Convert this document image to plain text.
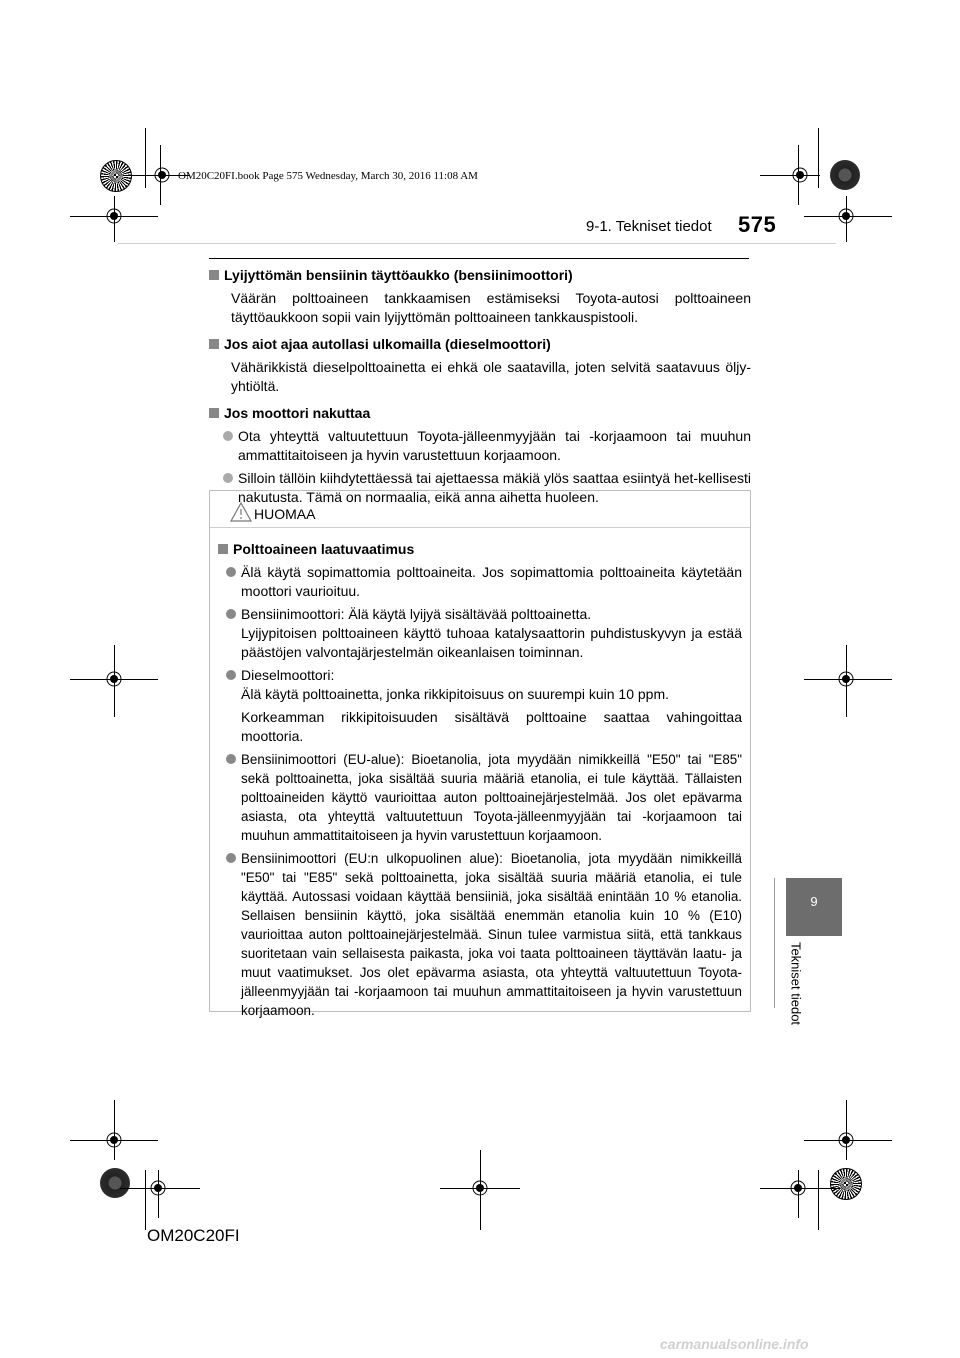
OM20C20FI.book Page 575 Wednesday, March 30, 2016 11:08 AM
9-1. Tekniset tiedot 575
9
Tekniset tiedot
Lyijyttömän bensiinin täyttöaukko (bensiinimoottori)
Väärän polttoaineen tankkaamisen estämiseksi Toyota-autosi polttoaineen täyttöaukkoon sopii vain lyijyttömän polttoaineen tankkauspistooli.
Jos aiot ajaa autollasi ulkomailla (dieselmoottori)
Vähärikkistä dieselpolttoainetta ei ehkä ole saatavilla, joten selvitä saatavuus öljy-yhtiöltä.
Jos moottori nakuttaa
Ota yhteyttä valtuutettuun Toyota-jälleenmyyjään tai -korjaamoon tai muuhun ammattitaitoiseen ja hyvin varustettuun korjaamoon.
Silloin tällöin kiihdytettäessä tai ajettaessa mäkiä ylös saattaa esiintyä het-kellisesti nakutusta. Tämä on normaalia, eikä anna aihetta huoleen.
HUOMAA
Polttoaineen laatuvaatimus
Älä käytä sopimattomia polttoaineita. Jos sopimattomia polttoaineita käytetään moottori vaurioituu.
Bensiinimoottori: Älä käytä lyijyä sisältävää polttoainetta.
Lyijypitoisen polttoaineen käyttö tuhoaa katalysaattorin puhdistuskyvyn ja estää päästöjen valvontajärjestelmän oikeanlaisen toiminnan.
Dieselmoottori:
Älä käytä polttoainetta, jonka rikkipitoisuus on suurempi kuin 10 ppm.
Korkeamman rikkipitoisuuden sisältävä polttoaine saattaa vahingoittaa moottoria.
Bensiinimoottori (EU-alue): Bioetanolia, jota myydään nimikkeillä "E50" tai "E85" sekä polttoainetta, joka sisältää suuria määriä etanolia, ei tule käyttää. Tällaisten polttoaineiden käyttö vaurioittaa auton polttoainejärjestelmää. Jos olet epävarma asiasta, ota yhteyttä valtuutettuun Toyota-jälleenmyyjään tai -korjaamoon tai muuhun ammattitaitoiseen ja hyvin varustettuun korjaamoon.
Bensiinimoottori (EU:n ulkopuolinen alue): Bioetanolia, jota myydään nimikkeillä "E50" tai "E85" sekä polttoainetta, joka sisältää suuria määriä etanolia, ei tule käyttää. Autossasi voidaan käyttää bensiiniä, joka sisältää enintään 10 % etanolia. Sellaisen bensiinin käyttö, joka sisältää enemmän etanolia kuin 10 % (E10) vaurioittaa auton polttoainejärjestelmää. Sinun tulee varmistua siitä, että tankkaus suoritetaan vain sellaisesta paikasta, joka voi taata polttoaineen täyttävän laatu- ja muut vaatimukset. Jos olet epävarma asiasta, ota yhteyttä valtuutettuun Toyota-jälleenmyyjään tai -korjaamoon tai muuhun ammattitaitoiseen ja hyvin varustettuun korjaamoon.
OM20C20FI
carmanualsonline.info
